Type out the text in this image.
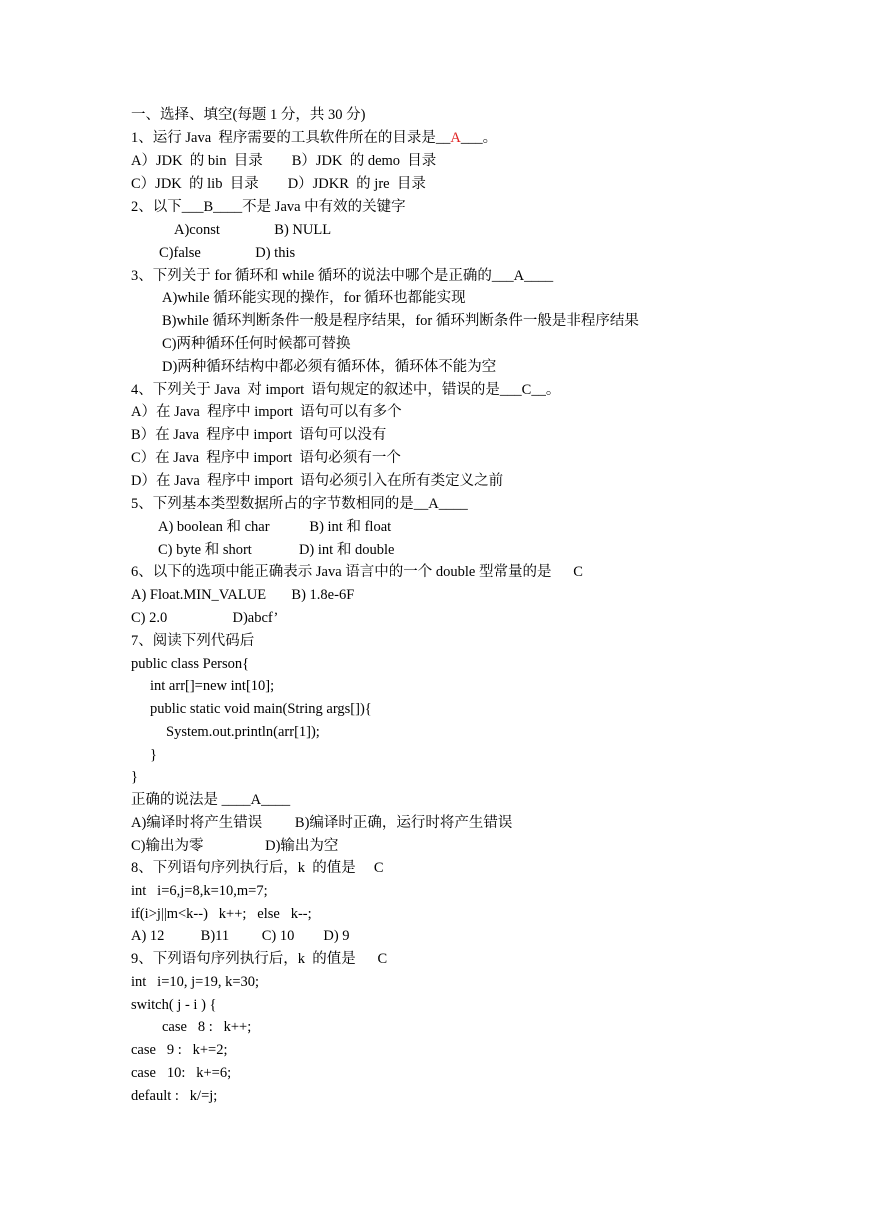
一、选择、填空(每题 1 分，共 30 分)
1、运行 Java  程序需要的工具软件所在的目录是__A___。
A）JDK  的 bin  目录        B）JDK  的 demo  目录
C）JDK  的 lib  目录        D）JDKR  的 jre  目录
2、以下___B____不是 Java 中有效的关键字
A)const               B) NULL
C)false               D) this
3、下列关于 for 循环和 while 循环的说法中哪个是正确的___A____
A)while 循环能实现的操作，for 循环也都能实现
B)while 循环判断条件一般是程序结果，for 循环判断条件一般是非程序结果
C)两种循环任何时候都可替换
D)两种循环结构中都必须有循环体，循环体不能为空
4、下列关于 Java  对 import  语句规定的叙述中，错误的是___C__。
A）在 Java  程序中 import  语句可以有多个
B）在 Java  程序中 import  语句可以没有
C）在 Java  程序中 import  语句必须有一个
D）在 Java  程序中 import  语句必须引入在所有类定义之前
5、下列基本类型数据所占的字节数相同的是__A____
A) boolean 和 char           B) int 和 float
C) byte 和 short             D) int 和 double
6、以下的选项中能正确表示 Java 语言中的一个 double 型常量的是      C
A) Float.MIN_VALUE       B) 1.8e-6F
C) 2.0                  D)abcf’
7、阅读下列代码后
public class Person{
int arr[]=new int[10];
public static void main(String args[]){
System.out.println(arr[1]);
}
}
正确的说法是 ____A____
A)编译时将产生错误         B)编译时正确，运行时将产生错误
C)输出为零                 D)输出为空
8、下列语句序列执行后，k  的值是     C
int   i=6,j=8,k=10,m=7;
if(i>j||m<k--)   k++;   else   k--;
A) 12          B)11         C) 10        D) 9
9、下列语句序列执行后，k  的值是      C
int   i=10, j=19, k=30;
switch( j - i ) {
case   8 :   k++;
case   9 :   k+=2;
case   10:   k+=6;
default :   k/=j;
